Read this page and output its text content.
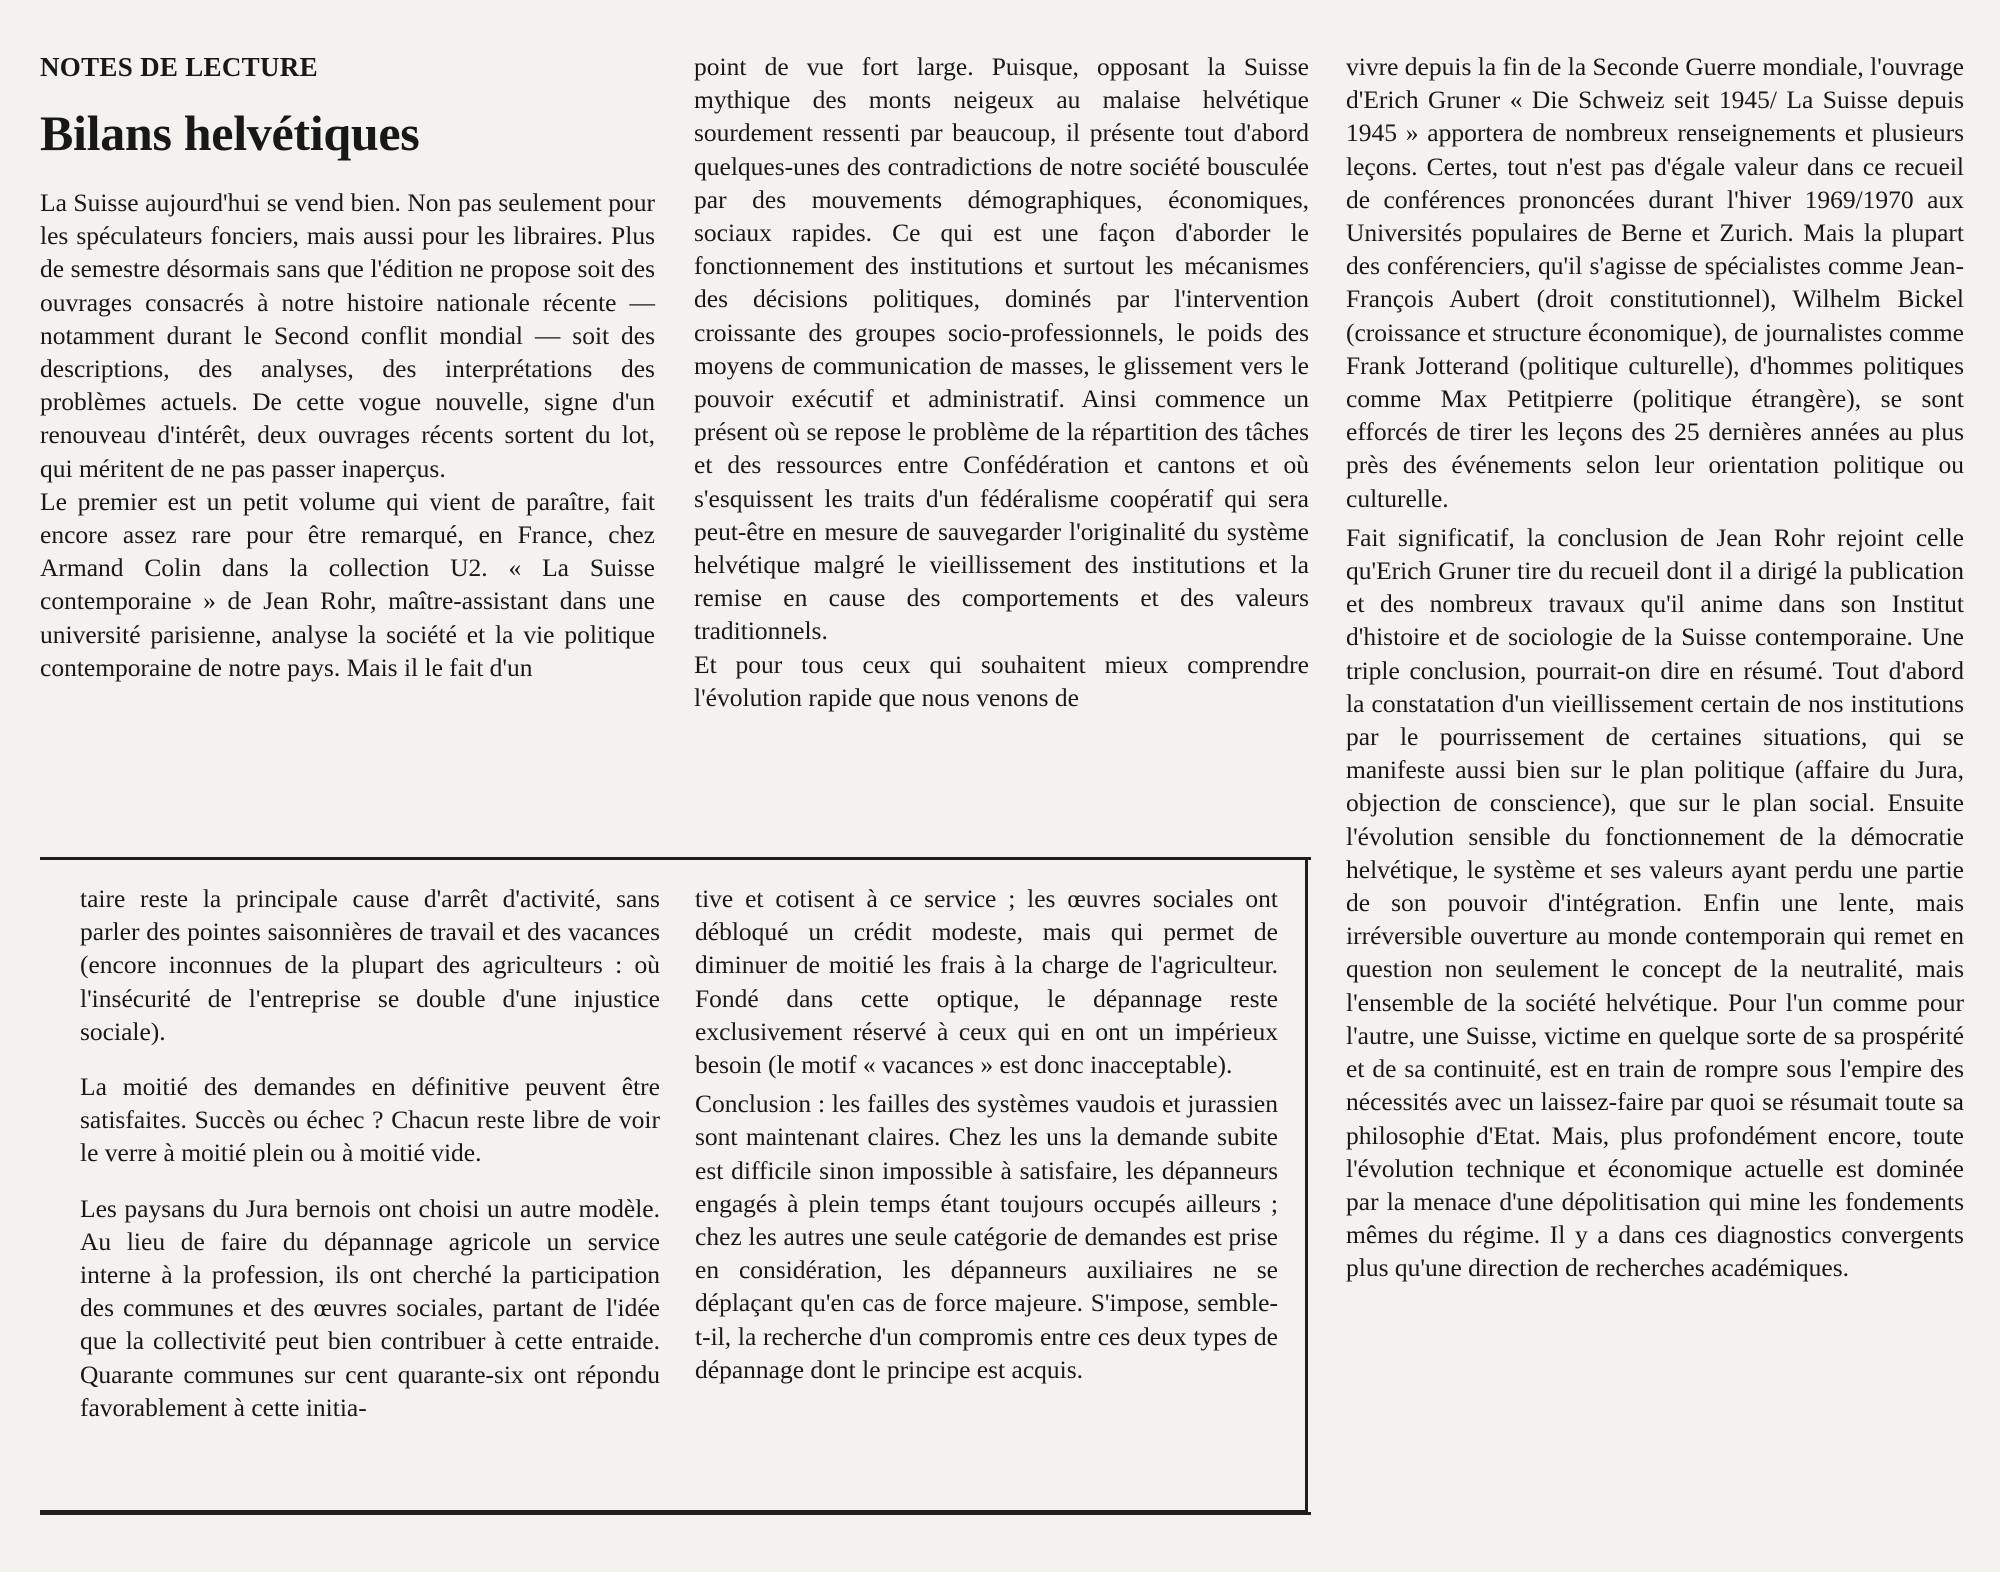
NOTES DE LECTURE
Bilans helvétiques

La Suisse aujourd'hui se vend bien. Non pas seulement pour les spéculateurs fonciers, mais aussi pour les libraires. Plus de semestre désormais sans que l'édition ne propose soit des ouvrages consacrés à notre histoire nationale récente — notamment durant le Second conflit mondial — soit des descriptions, des analyses, des interprétations des problèmes actuels. De cette vogue nouvelle, signe d'un renouveau d'intérêt, deux ouvrages récents sortent du lot, qui méritent de ne pas passer inaperçus.

Le premier est un petit volume qui vient de paraître, fait encore assez rare pour être remarqué, en France, chez Armand Colin dans la collection U2. « La Suisse contemporaine » de Jean Rohr, maître-assistant dans une université parisienne, analyse la société et la vie politique contemporaine de notre pays. Mais il le fait d'un

point de vue fort large. Puisque, opposant la Suisse mythique des monts neigeux au malaise helvétique sourdement ressenti par beaucoup, il présente tout d'abord quelques-unes des contradictions de notre société bousculée par des mouvements démographiques, économiques, sociaux rapides. Ce qui est une façon d'aborder le fonctionnement des institutions et surtout les mécanismes des décisions politiques, dominés par l'intervention croissante des groupes socio-professionnels, le poids des moyens de communication de masses, le glissement vers le pouvoir exécutif et administratif. Ainsi commence un présent où se repose le problème de la répartition des tâches et des ressources entre Confédération et cantons et où s'esquissent les traits d'un fédéralisme coopératif qui sera peut-être en mesure de sauvegarder l'originalité du système helvétique malgré le vieillissement des institutions et la remise en cause des comportements et des valeurs traditionnels.

Et pour tous ceux qui souhaitent mieux comprendre l'évolution rapide que nous venons de

vivre depuis la fin de la Seconde Guerre mondiale, l'ouvrage d'Erich Gruner « Die Schweiz seit 1945/ La Suisse depuis 1945 » apportera de nombreux renseignements et plusieurs leçons. Certes, tout n'est pas d'égale valeur dans ce recueil de conférences prononcées durant l'hiver 1969/1970 aux Universités populaires de Berne et Zurich. Mais la plupart des conférenciers, qu'il s'agisse de spécialistes comme Jean-François Aubert (droit constitutionnel), Wilhelm Bickel (croissance et structure économique), de journalistes comme Frank Jotterand (politique culturelle), d'hommes politiques comme Max Petitpierre (politique étrangère), se sont efforcés de tirer les leçons des 25 dernières années au plus près des événements selon leur orientation politique ou culturelle.

Fait significatif, la conclusion de Jean Rohr rejoint celle qu'Erich Gruner tire du recueil dont il a dirigé la publication et des nombreux travaux qu'il anime dans son Institut d'histoire et de sociologie de la Suisse contemporaine. Une triple conclusion, pourrait-on dire en résumé. Tout d'abord la constatation d'un vieillissement certain de nos institutions par le pourrissement de certaines situations, qui se manifeste aussi bien sur le plan politique (affaire du Jura, objection de conscience), que sur le plan social. Ensuite l'évolution sensible du fonctionnement de la démocratie helvétique, le système et ses valeurs ayant perdu une partie de son pouvoir d'intégration. Enfin une lente, mais irréversible ouverture au monde contemporain qui remet en question non seulement le concept de la neutralité, mais l'ensemble de la société helvétique. Pour l'un comme pour l'autre, une Suisse, victime en quelque sorte de sa prospérité et de sa continuité, est en train de rompre sous l'empire des nécessités avec un laissez-faire par quoi se résumait toute sa philosophie d'Etat. Mais, plus profondément encore, toute l'évolution technique et économique actuelle est dominée par la menace d'une dépolitisation qui mine les fondements mêmes du régime. Il y a dans ces diagnostics convergents plus qu'une direction de recherches académiques.

taire reste la principale cause d'arrêt d'activité, sans parler des pointes saisonnières de travail et des vacances (encore inconnues de la plupart des agriculteurs : où l'insécurité de l'entreprise se double d'une injustice sociale).

La moitié des demandes en définitive peuvent être satisfaites. Succès ou échec ? Chacun reste libre de voir le verre à moitié plein ou à moitié vide.

Les paysans du Jura bernois ont choisi un autre modèle. Au lieu de faire du dépannage agricole un service interne à la profession, ils ont cherché la participation des communes et des œuvres sociales, partant de l'idée que la collectivité peut bien contribuer à cette entraide. Quarante communes sur cent quarante-six ont répondu favorablement à cette initia-

tive et cotisent à ce service ; les œuvres sociales ont débloqué un crédit modeste, mais qui permet de diminuer de moitié les frais à la charge de l'agriculteur. Fondé dans cette optique, le dépannage reste exclusivement réservé à ceux qui en ont un impérieux besoin (le motif « vacances » est donc inacceptable).

Conclusion : les failles des systèmes vaudois et jurassien sont maintenant claires. Chez les uns la demande subite est difficile sinon impossible à satisfaire, les dépanneurs engagés à plein temps étant toujours occupés ailleurs ; chez les autres une seule catégorie de demandes est prise en considération, les dépanneurs auxiliaires ne se déplaçant qu'en cas de force majeure. S'impose, semble-t-il, la recherche d'un compromis entre ces deux types de dépannage dont le principe est acquis.
